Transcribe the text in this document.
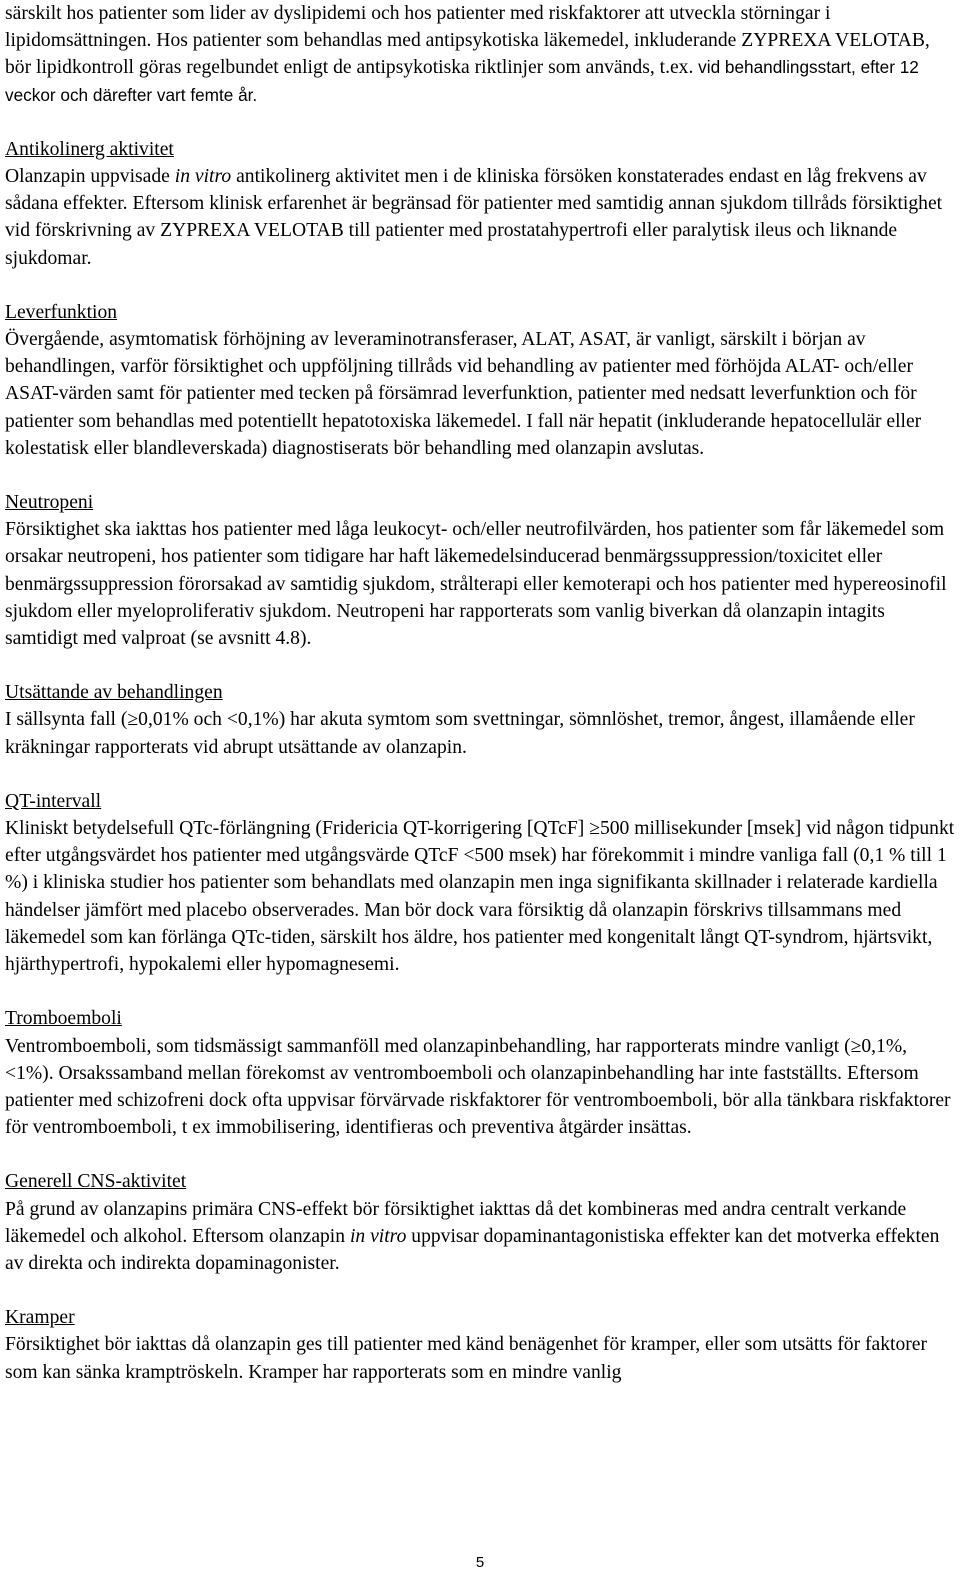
särskilt hos patienter som lider av dyslipidemi och hos patienter med riskfaktorer att utveckla störningar i lipidomsättningen. Hos patienter som behandlas med antipsykotiska läkemedel, inkluderande ZYPREXA VELOTAB, bör lipidkontroll göras regelbundet enligt de antipsykotiska riktlinjer som används, t.ex. vid behandlingsstart, efter 12 veckor och därefter vart femte år.

Antikolinerg aktivitet

Olanzapin uppvisade in vitro antikolinerg aktivitet men i de kliniska försöken konstaterades endast en låg frekvens av sådana effekter. Eftersom klinisk erfarenhet är begränsad för patienter med samtidig annan sjukdom tillråds försiktighet vid förskrivning av ZYPREXA VELOTAB till patienter med prostatahypertrofi eller paralytisk ileus och liknande sjukdomar.

Leverfunktion

Övergående, asymtomatisk förhöjning av leveraminotransferaser, ALAT, ASAT, är vanligt, särskilt i början av behandlingen, varför försiktighet och uppföljning tillråds vid behandling av patienter med förhöjda ALAT- och/eller ASAT-värden samt för patienter med tecken på försämrad leverfunktion, patienter med nedsatt leverfunktion och för patienter som behandlas med potentiellt hepatotoxiska läkemedel. I fall när hepatit (inkluderande hepatocellulär eller kolestatisk eller blandleverskada) diagnostiserats bör behandling med olanzapin avslutas.

Neutropeni

Försiktighet ska iakttas hos patienter med låga leukocyt- och/eller neutrofilvärden, hos patienter som får läkemedel som orsakar neutropeni, hos patienter som tidigare har haft läkemedelsinducerad benmärgssuppression/toxicitet eller benmärgssuppression förorsakad av samtidig sjukdom, strålterapi eller kemoterapi och hos patienter med hypereosinofil sjukdom eller myeloproliferativ sjukdom. Neutropeni har rapporterats som vanlig biverkan då olanzapin intagits samtidigt med valproat (se avsnitt 4.8).

Utsättande av behandlingen

I sällsynta fall (≥0,01% och <0,1%) har akuta symtom som svettningar, sömnlöshet, tremor, ångest, illamående eller kräkningar rapporterats vid abrupt utsättande av olanzapin.

QT-intervall

Kliniskt betydelsefull QTc-förlängning (Fridericia QT-korrigering [QTcF] ≥500 millisekunder [msek] vid någon tidpunkt efter utgångsvärdet hos patienter med utgångsvärde QTcF <500 msek) har förekommit i mindre vanliga fall (0,1 % till 1 %) i kliniska studier hos patienter som behandlats med olanzapin men inga signifikanta skillnader i relaterade kardiella händelser jämfört med placebo observerades. Man bör dock vara försiktig då olanzapin förskrivs tillsammans med läkemedel som kan förlänga QTc-tiden, särskilt hos äldre, hos patienter med kongenitalt långt QT-syndrom, hjärtsvikt, hjärthypertrofi, hypokalemi eller hypomagnesemi.

Tromboemboli

Ventromboemboli, som tidsmässigt sammanföll med olanzapinbehandling, har rapporterats mindre vanligt (≥0,1%, <1%). Orsakssamband mellan förekomst av ventromboemboli och olanzapinbehandling har inte fastställts. Eftersom patienter med schizofreni dock ofta uppvisar förvärvade riskfaktorer för ventromboemboli, bör alla tänkbara riskfaktorer för ventromboemboli, t ex immobilisering, identifieras och preventiva åtgärder insättas.

Generell CNS-aktivitet

På grund av olanzapins primära CNS-effekt bör försiktighet iakttas då det kombineras med andra centralt verkande läkemedel och alkohol. Eftersom olanzapin in vitro uppvisar dopaminantagonistiska effekter kan det motverka effekten av direkta och indirekta dopaminagonister.

Kramper

Försiktighet bör iakttas då olanzapin ges till patienter med känd benägenhet för kramper, eller som utsätts för faktorer som kan sänka kramptröskeln. Kramper har rapporterats som en mindre vanlig

5
